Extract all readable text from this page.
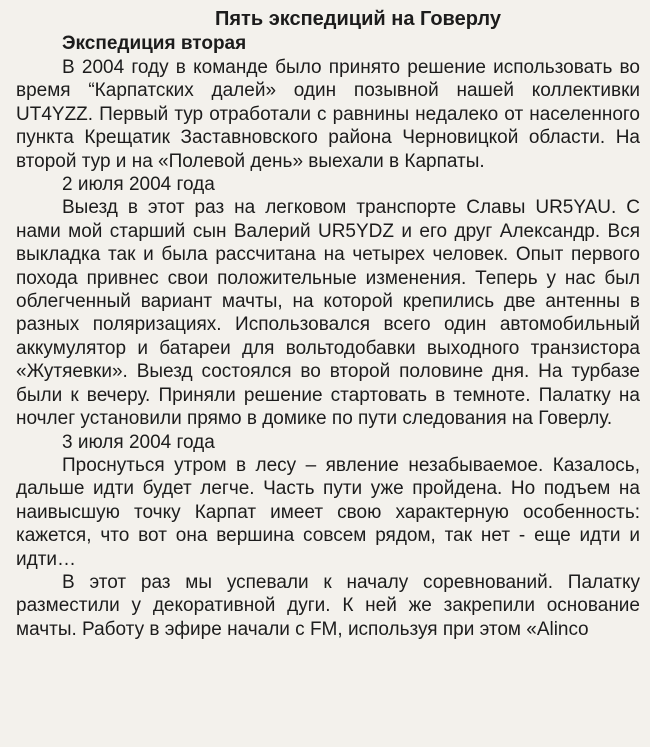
Пять экспедиций на Говерлу
Экспедиция вторая

В 2004 году в команде было принято решение использовать во время “Карпатских далей» один позывной нашей коллективки UT4YZZ. Первый тур отработали с равнины недалеко от населенного пункта Крещатик Заставновского района Черновицкой области. На второй тур и на «Полевой день» выехали в Карпаты.

2 июля 2004 года

Выезд в этот раз на легковом транспорте Славы UR5YAU. С нами мой старший сын Валерий UR5YDZ и его друг Александр. Вся выкладка так и была рассчитана на четырех человек. Опыт первого похода привнес свои положительные изменения. Теперь у нас был облегченный вариант мачты, на которой крепились две антенны в разных поляризациях. Использовался всего один автомобильный аккумулятор и батареи для вольтодобавки выходного транзистора «Жутяевки». Выезд состоялся во второй половине дня. На турбазе были к вечеру. Приняли решение стартовать в темноте. Палатку на ночлег установили прямо в домике по пути следования на Говерлу.

3 июля 2004 года

Проснуться утром в лесу – явление незабываемое. Казалось, дальше идти будет легче. Часть пути уже пройдена. Но подъем на наивысшую точку Карпат имеет свою характерную особенность: кажется, что вот она вершина совсем рядом, так нет - еще идти и идти…

В этот раз мы успевали к началу соревнований. Палатку разместили у декоративной дуги. К ней же закрепили основание мачты. Работу в эфире начали с FM, используя при этом «Alinco
